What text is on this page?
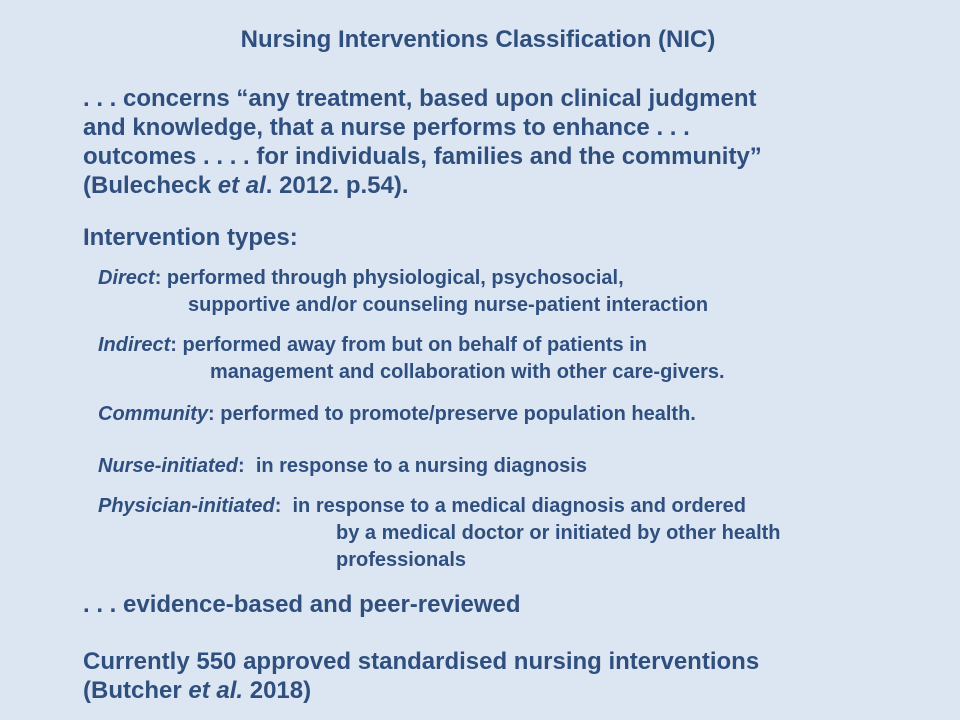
Nursing Interventions Classification (NIC)
. . . concerns “any treatment, based upon clinical judgment
and knowledge, that a nurse performs to enhance . . .
outcomes . . . . for individuals, families and the community”
(Bulecheck et al. 2012. p.54).
Intervention types:
Direct: performed through physiological, psychosocial,
supportive and/or counseling nurse-patient interaction
Indirect: performed away from but on behalf of patients in
management and collaboration with other care-givers.
Community: performed to promote/preserve population health.
Nurse-initiated:  in response to a nursing diagnosis
Physician-initiated:  in response to a medical diagnosis and ordered
by a medical doctor or initiated by other health
professionals
. . . evidence-based and peer-reviewed
Currently 550 approved standardised nursing interventions
(Butcher et al. 2018)
